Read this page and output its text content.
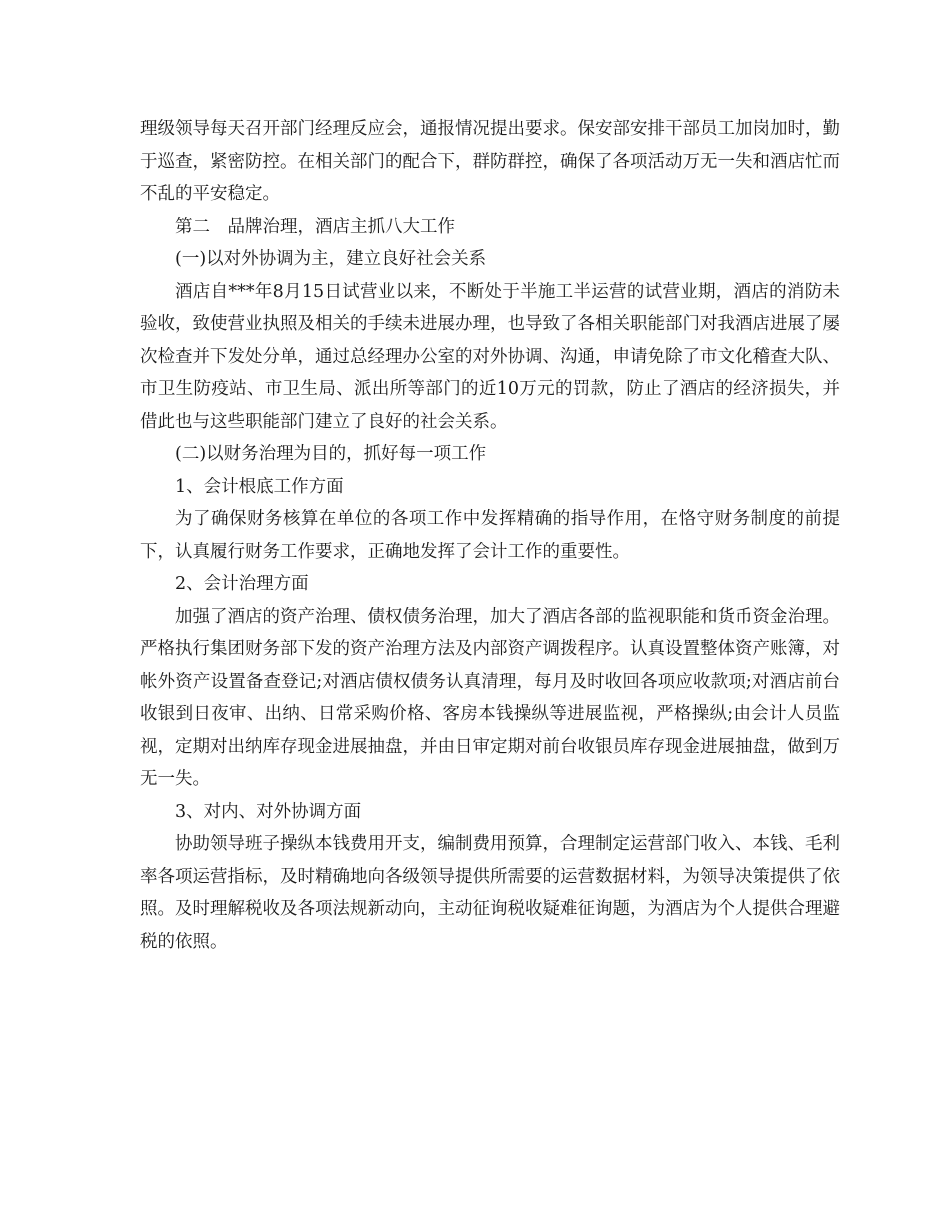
理级领导每天召开部门经理反应会，通报情况提出要求。保安部安排干部员工加岗加时，勤于巡查，紧密防控。在相关部门的配合下，群防群控，确保了各项活动万无一失和酒店忙而不乱的平安稳定。

第二　品牌治理，酒店主抓八大工作

(一)以对外协调为主，建立良好社会关系

酒店自***年8月15日试营业以来，不断处于半施工半运营的试营业期，酒店的消防未验收，致使营业执照及相关的手续未进展办理，也导致了各相关职能部门对我酒店进展了屡次检查并下发处分单，通过总经理办公室的对外协调、沟通，申请免除了市文化稽查大队、市卫生防疫站、市卫生局、派出所等部门的近10万元的罚款，防止了酒店的经济损失，并借此也与这些职能部门建立了良好的社会关系。

(二)以财务治理为目的，抓好每一项工作

1、会计根底工作方面

为了确保财务核算在单位的各项工作中发挥精确的指导作用，在恪守财务制度的前提下，认真履行财务工作要求，正确地发挥了会计工作的重要性。

2、会计治理方面

加强了酒店的资产治理、债权债务治理，加大了酒店各部的监视职能和货币资金治理。严格执行集团财务部下发的资产治理方法及内部资产调拨程序。认真设置整体资产账簿，对帐外资产设置备查登记;对酒店债权债务认真清理，每月及时收回各项应收款项;对酒店前台收银到日夜审、出纳、日常采购价格、客房本钱操纵等进展监视，严格操纵;由会计人员监视，定期对出纳库存现金进展抽盘，并由日审定期对前台收银员库存现金进展抽盘，做到万无一失。

3、对内、对外协调方面

协助领导班子操纵本钱费用开支，编制费用预算，合理制定运营部门收入、本钱、毛利率各项运营指标，及时精确地向各级领导提供所需要的运营数据材料，为领导决策提供了依照。及时理解税收及各项法规新动向，主动征询税收疑难征询题，为酒店为个人提供合理避税的依照。
